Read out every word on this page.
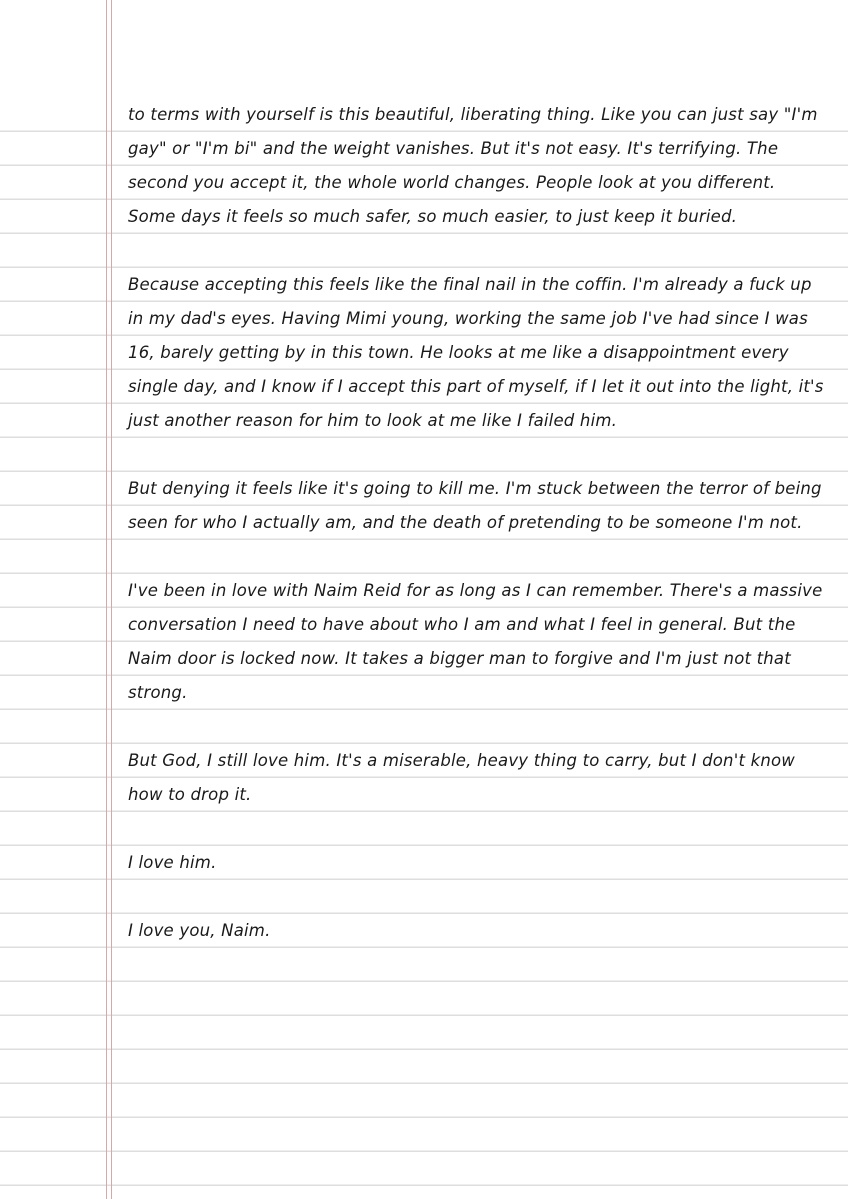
to terms with yourself is this beautiful, liberating thing. Like you can just say "I'm gay" or "I'm bi" and the weight vanishes. But it's not easy. It's terrifying. The second you accept it, the whole world changes. People look at you different. Some days it feels so much safer, so much easier, to just keep it buried.

Because accepting this feels like the final nail in the coffin. I'm already a fuck up in my dad's eyes. Having Mimi young, working the same job I've had since I was 16, barely getting by in this town. He looks at me like a disappointment every single day, and I know if I accept this part of myself, if I let it out into the light, it's just another reason for him to look at me like I failed him.

But denying it feels like it's going to kill me. I'm stuck between the terror of being seen for who I actually am, and the death of pretending to be someone I'm not.

I've been in love with Naim Reid for as long as I can remember. There's a massive conversation I need to have about who I am and what I feel in general. But the Naim door is locked now. It takes a bigger man to forgive and I'm just not that strong.

But God, I still love him. It's a miserable, heavy thing to carry, but I don't know how to drop it.

I love him.

I love you, Naim.
